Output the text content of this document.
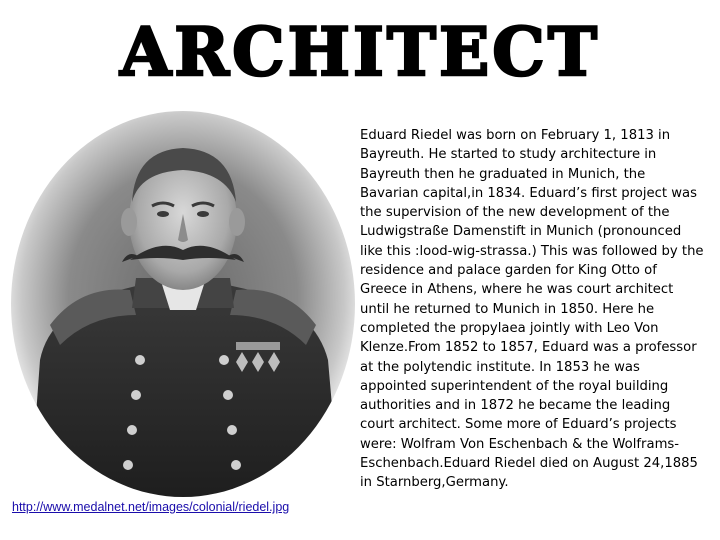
ARCHITECT

Eduard Riedel was born on February 1, 1813 in Bayreuth. He started to study architecture in Bayreuth then he graduated in Munich, the Bavarian capital,in 1834. Eduard’s first project was the supervision of the new development of the Ludwigstraße Damenstift in Munich (pronounced like this :lood-wig-strassa.) This was followed by the residence and palace garden for King Otto of Greece in Athens, where he was court architect until he returned to Munich in 1850. Here he completed the propylaea jointly with Leo Von Klenze.From 1852 to 1857, Eduard was a professor at the polytendic institute. In 1853 he was appointed superintendent of the royal building authorities and in 1872 he became the leading court architect. Some more of Eduard’s projects were: Wolfram Von Eschenbach & the Wolframs-Eschenbach.Eduard Riedel died on August 24,1885 in Starnberg,Germany.

http://www.medalnet.net/images/colonial/riedel.jpg
